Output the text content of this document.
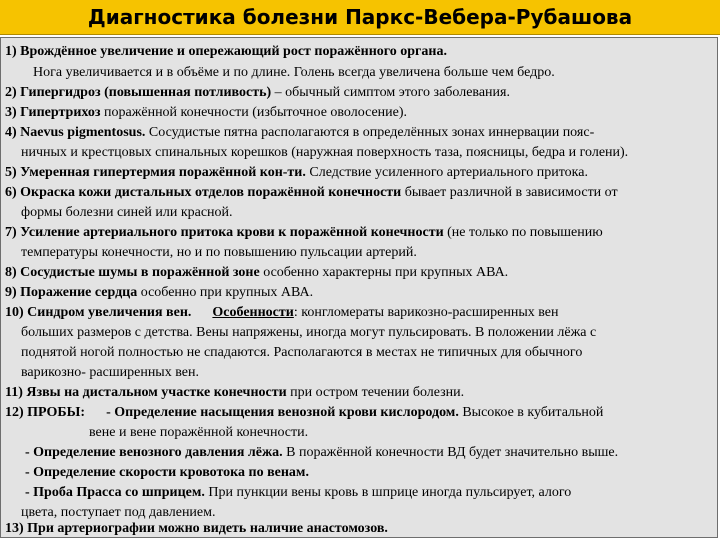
Диагностика болезни Паркс-Вебера-Рубашова
1) Врождённое увеличение и опережающий рост поражённого органа.
Нога увеличивается и в объёме и по длине. Голень всегда увеличена больше чем бедро.
2) Гипергидроз (повышенная потливость) – обычный симптом этого заболевания.
3) Гипертрихоз поражённой конечности (избыточное оволосение).
4) Naevus pigmentosus. Сосудистые пятна располагаются в определённых зонах иннервации пояс-
ничных и крестцовых спинальных корешков (наружная поверхность таза, поясницы, бедра и голени).
5) Умеренная гипертермия поражённой кон-ти. Следствие усиленного артериального притока.
6) Окраска кожи дистальных отделов поражённой конечности бывает различной в зависимости от
формы болезни синей или красной.
7) Усиление артериального притока крови к поражённой конечности (не только по повышению
температуры конечности, но и по повышению пульсации артерий.
8) Сосудистые шумы в поражённой зоне особенно характерны при крупных АВА.
9) Поражение сердца особенно при крупных АВА.
10) Синдром увеличения вен. Особенности: конгломераты варикозно-расширенных вен
больших размеров с детства. Вены напряжены, иногда могут пульсировать. В положении лёжа с
поднятой ногой полностью не спадаются. Располагаются в местах не типичных для обычного
варикозно- расширенных вен.
11) Язвы на дистальном участке конечности при остром течении болезни.
12) ПРОБЫ: - Определение насыщения венозной крови кислородом. Высокое в кубитальной
вене и вене поражённой конечности.
- Определение венозного давления лёжа. В поражённой конечности ВД будет значительно выше.
- Определение скорости кровотока по венам.
- Проба Прасса со шприцем. При пункции вены кровь в шприце иногда пульсирует, алого
цвета, поступает под давлением.
13) При артериографии можно видеть наличие анастомозов.
